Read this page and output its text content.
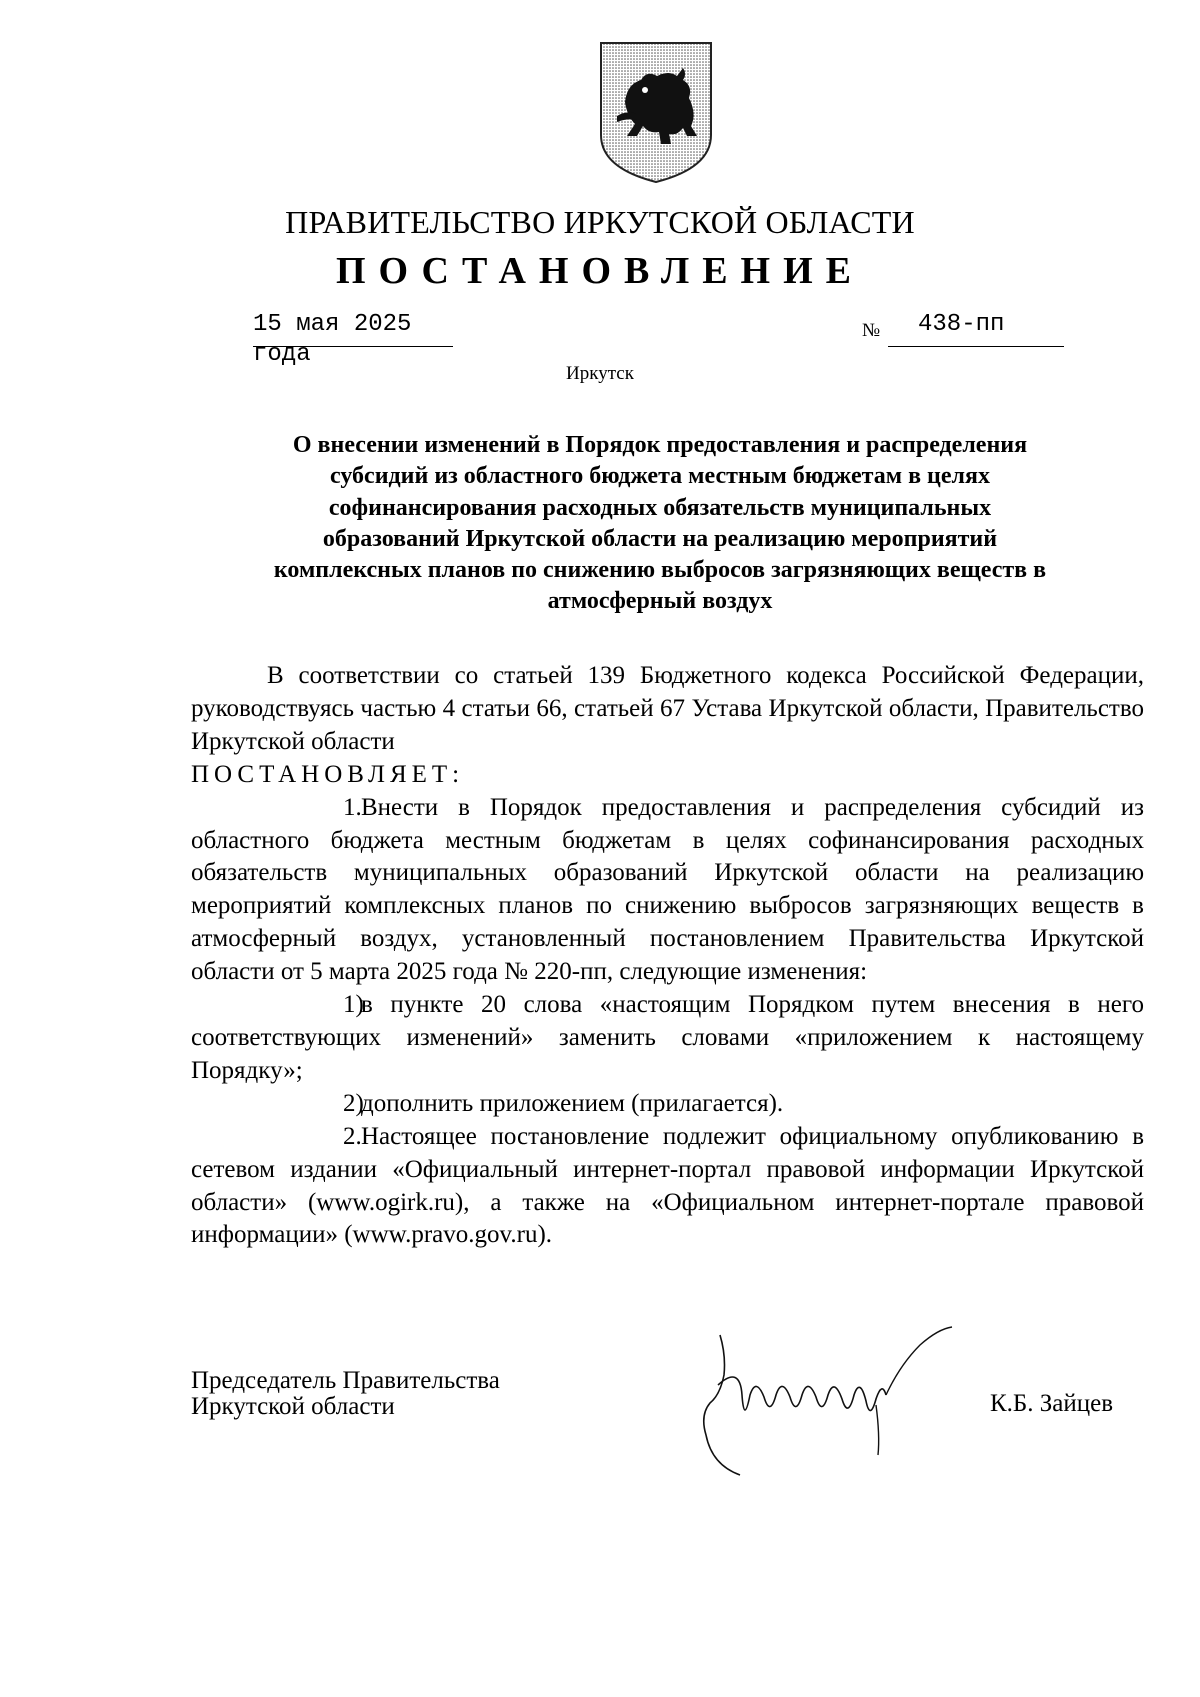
ПРАВИТЕЛЬСТВО ИРКУТСКОЙ ОБЛАСТИ
ПОСТАНОВЛЕНИЕ
15 мая 2025 года
№ 438-пп
Иркутск
О внесении изменений в Порядок предоставления и распределения
субсидий из областного бюджета местным бюджетам в целях
софинансирования расходных обязательств муниципальных
образований Иркутской области на реализацию мероприятий
комплексных планов по снижению выбросов загрязняющих веществ в
атмосферный воздух

В соответствии со статьей 139 Бюджетного кодекса Российской Федерации, руководствуясь частью 4 статьи 66, статьей 67 Устава Иркутской области, Правительство Иркутской области

ПОСТАНОВЛЯЕТ:

1.Внести в Порядок предоставления и распределения субсидий из областного бюджета местным бюджетам в целях софинансирования расходных обязательств муниципальных образований Иркутской области на реализацию мероприятий комплексных планов по снижению выбросов загрязняющих веществ в атмосферный воздух, установленный постановлением Правительства Иркутской области от 5 марта 2025 года № 220-пп, следующие изменения:

1)в пункте 20 слова «настоящим Порядком путем внесения в него соответствующих изменений» заменить словами «приложением к настоящему Порядку»;

2)дополнить приложением (прилагается).

2.Настоящее постановление подлежит официальному опубликованию в сетевом издании «Официальный интернет-портал правовой информации Иркутской области» (www.ogirk.ru), а также на «Официальном интернет-портале правовой информации» (www.pravo.gov.ru).

Председатель Правительства
Иркутской области	К.Б. Зайцев
